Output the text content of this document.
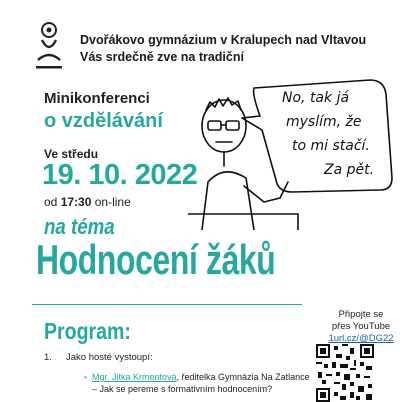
Dvořákovo gymnázium v Kralupech nad Vltavou
Vás srdečně zve na tradiční
Minikonferenci
o vzdělávání
Ve středu
19. 10. 2022
od 17:30 on-line
na téma
Hodnocení žáků
No, tak já
myslím, že
to mi stačí.
Za pět.
Program:
1. Jako hosté vystoupí:
• Mgr. Jitka Krmentová, ředitelka Gymnázia Na Zatlance
– Jak se pereme s formativním hodnocením?
Připojte se
přes YouTube
1url.cz/@DG22
